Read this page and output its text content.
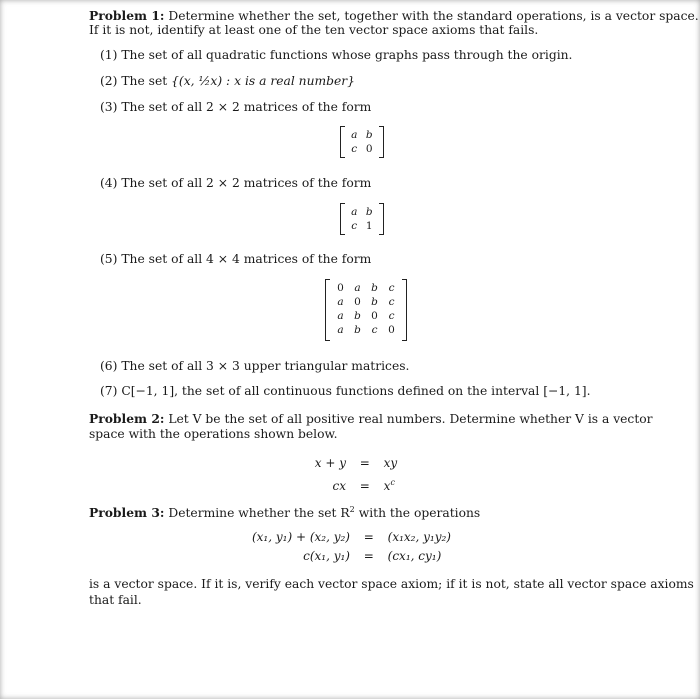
Problem 1: Determine whether the set, together with the standard operations, is a vector space.
If it is not, identify at least one of the ten vector space axioms that fails.
(1) The set of all quadratic functions whose graphs pass through the origin.
(2) The set {(x, ½x) : x is a real number}
(3) The set of all 2 × 2 matrices of the form
a	b
c	0
(4) The set of all 2 × 2 matrices of the form
a	b
c	1
(5) The set of all 4 × 4 matrices of the form
0	a	b	c
a	0	b	c
a	b	0	c
a	b	c	0
(6) The set of all 3 × 3 upper triangular matrices.
(7) C[−1, 1], the set of all continuous functions defined on the interval [−1, 1].
Problem 2: Let V be the set of all positive real numbers. Determine whether V is a vector
space with the operations shown below.
x + y = xy
cx = $x^c$
Problem 3: Determine whether the set $R^2$ with the operations
(x₁, y₁) + (x₂, y₂) = (x₁x₂, y₁y₂)
c(x₁, y₁) = (cx₁, cy₁)
is a vector space. If it is, verify each vector space axiom; if it is not, state all vector space axioms
that fail.
